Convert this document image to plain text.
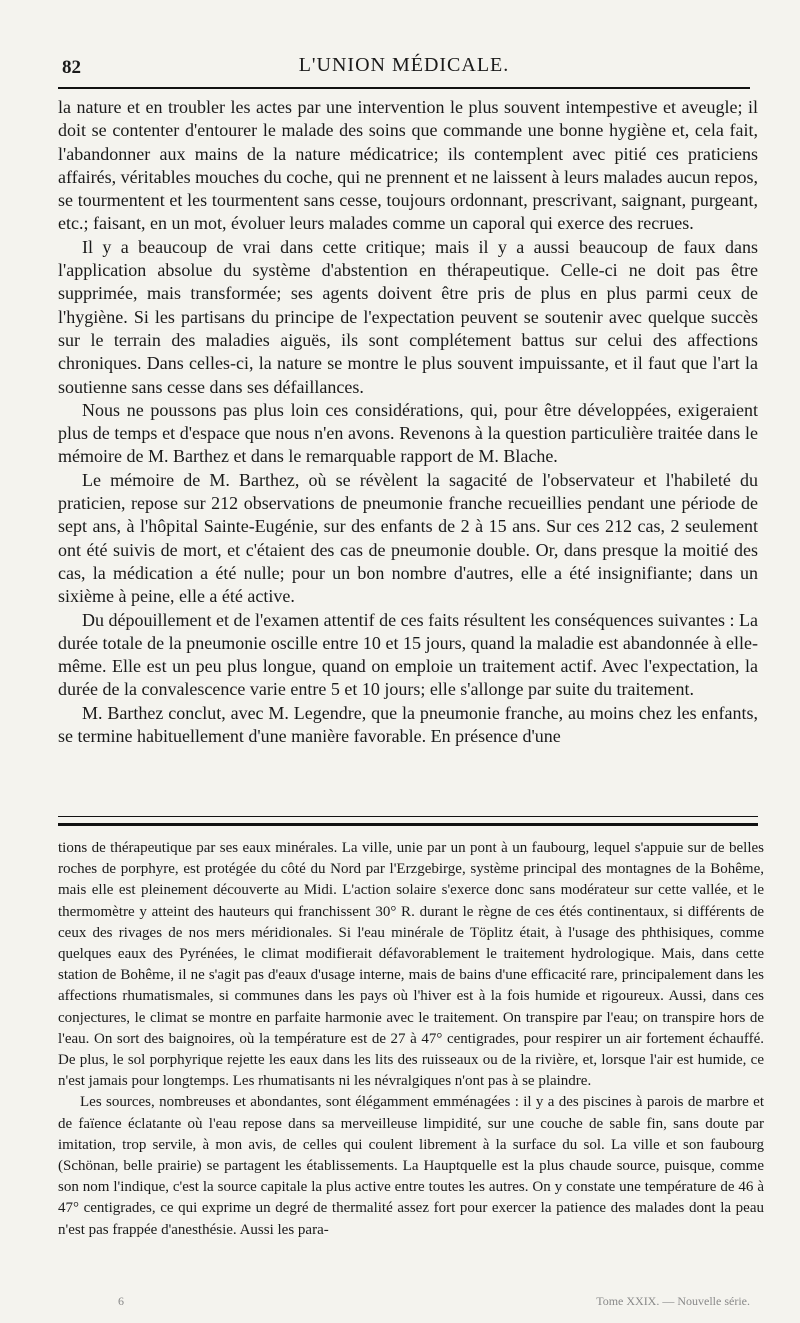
82	L'UNION MÉDICALE.

la nature et en troubler les actes par une intervention le plus souvent intempestive et aveugle; il doit se contenter d'entourer le malade des soins que commande une bonne hygiène et, cela fait, l'abandonner aux mains de la nature médicatrice; ils contemplent avec pitié ces praticiens affairés, véritables mouches du coche, qui ne prennent et ne laissent à leurs malades aucun repos, se tourmentent et les tourmentent sans cesse, toujours ordonnant, prescrivant, saignant, purgeant, etc.; faisant, en un mot, évoluer leurs malades comme un caporal qui exerce des recrues.

Il y a beaucoup de vrai dans cette critique; mais il y a aussi beaucoup de faux dans l'application absolue du système d'abstention en thérapeutique. Celle-ci ne doit pas être supprimée, mais transformée; ses agents doivent être pris de plus en plus parmi ceux de l'hygiène. Si les partisans du principe de l'expectation peuvent se soutenir avec quelque succès sur le terrain des maladies aiguës, ils sont complétement battus sur celui des affections chroniques. Dans celles-ci, la nature se montre le plus souvent impuissante, et il faut que l'art la soutienne sans cesse dans ses défaillances.

Nous ne poussons pas plus loin ces considérations, qui, pour être développées, exigeraient plus de temps et d'espace que nous n'en avons. Revenons à la question particulière traitée dans le mémoire de M. Barthez et dans le remarquable rapport de M. Blache.

Le mémoire de M. Barthez, où se révèlent la sagacité de l'observateur et l'habileté du praticien, repose sur 212 observations de pneumonie franche recueillies pendant une période de sept ans, à l'hôpital Sainte-Eugénie, sur des enfants de 2 à 15 ans. Sur ces 212 cas, 2 seulement ont été suivis de mort, et c'étaient des cas de pneumonie double. Or, dans presque la moitié des cas, la médication a été nulle; pour un bon nombre d'autres, elle a été insignifiante; dans un sixième à peine, elle a été active.

Du dépouillement et de l'examen attentif de ces faits résultent les conséquences suivantes : La durée totale de la pneumonie oscille entre 10 et 15 jours, quand la maladie est abandonnée à elle-même. Elle est un peu plus longue, quand on emploie un traitement actif. Avec l'expectation, la durée de la convalescence varie entre 5 et 10 jours; elle s'allonge par suite du traitement.

M. Barthez conclut, avec M. Legendre, que la pneumonie franche, au moins chez les enfants, se termine habituellement d'une manière favorable. En présence d'une

tions de thérapeutique par ses eaux minérales. La ville, unie par un pont à un faubourg, lequel s'appuie sur de belles roches de porphyre, est protégée du côté du Nord par l'Erzgebirge, système principal des montagnes de la Bohême, mais elle est pleinement découverte au Midi. L'action solaire s'exerce donc sans modérateur sur cette vallée, et le thermomètre y atteint des hauteurs qui franchissent 30° R. durant le règne de ces étés continentaux, si différents de ceux des rivages de nos mers méridionales. Si l'eau minérale de Töplitz était, à l'usage des phthisiques, comme quelques eaux des Pyrénées, le climat modifierait défavorablement le traitement hydrologique. Mais, dans cette station de Bohême, il ne s'agit pas d'eaux d'usage interne, mais de bains d'une efficacité rare, principalement dans les affections rhumatismales, si communes dans les pays où l'hiver est à la fois humide et rigoureux. Aussi, dans ces conjectures, le climat se montre en parfaite harmonie avec le traitement. On transpire par l'eau; on transpire hors de l'eau. On sort des baignoires, où la température est de 27 à 47° centigrades, pour respirer un air fortement échauffé. De plus, le sol porphyrique rejette les eaux dans les lits des ruisseaux ou de la rivière, et, lorsque l'air est humide, ce n'est jamais pour longtemps. Les rhumatisants ni les névralgiques n'ont pas à se plaindre.

Les sources, nombreuses et abondantes, sont élégamment emménagées : il y a des piscines à parois de marbre et de faïence éclatante où l'eau repose dans sa merveilleuse limpidité, sur une couche de sable fin, sans doute par imitation, trop servile, à mon avis, de celles qui coulent librement à la surface du sol. La ville et son faubourg (Schönan, belle prairie) se partagent les établissements. La Hauptquelle est la plus chaude source, puisque, comme son nom l'indique, c'est la source capitale la plus active entre toutes les autres. On y constate une température de 46 à 47° centigrades, ce qui exprime un degré de thermalité assez fort pour exercer la patience des malades dont la peau n'est pas frappée d'anesthésie. Aussi les para-

6	Tome XXIX. — Nouvelle série.
